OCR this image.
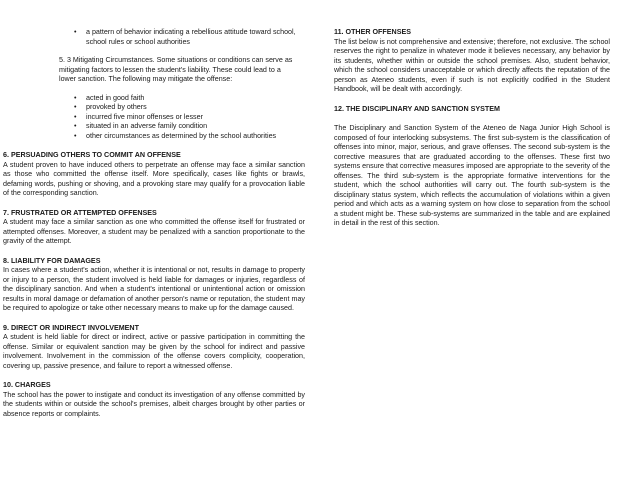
• a pattern of behavior indicating a rebellious attitude toward school, school rules or school authorities

5. 3 Mitigating Circumstances. Some situations or conditions can serve as mitigating factors to lessen the student's liability. These could lead to a lower sanction. The following may mitigate the offense:

• acted in good faith
• provoked by others
• incurred five minor offenses or lesser
• situated in an adverse family condition
• other circumstances as determined by the school authorities

6. PERSUADING OTHERS TO COMMIT AN OFFENSE

A student proven to have induced others to perpetrate an offense may face a similar sanction as those who committed the offense itself. More specifically, cases like fights or brawls, defaming words, pushing or shoving, and a provoking stare may qualify for a provocation liable of the corresponding sanction.

7. FRUSTRATED OR ATTEMPTED OFFENSES

A student may face a similar sanction as one who committed the offense itself for frustrated or attempted offenses. Moreover, a student may be penalized with a sanction proportionate to the gravity of the attempt.

8. LIABILITY FOR DAMAGES

In cases where a student's action, whether it is intentional or not, results in damage to property or injury to a person, the student involved is held liable for damages or injuries, regardless of the disciplinary sanction. And when a student's intentional or unintentional action or omission results in moral damage or defamation of another person's name or reputation, the student may be required to apologize or take other necessary means to make up for the damage caused.

9. DIRECT OR INDIRECT INVOLVEMENT

A student is held liable for direct or indirect, active or passive participation in committing the offense. Similar or equivalent sanction may be given by the school for indirect and passive involvement. Involvement in the commission of the offense covers complicity, cooperation, covering up, passive presence, and failure to report a witnessed offense.

10. CHARGES

The school has the power to instigate and conduct its investigation of any offense committed by the students within or outside the school's premises, albeit charges brought by other parties or absence reports or complaints.

11. OTHER OFFENSES

The list below is not comprehensive and extensive; therefore, not exclusive. The school reserves the right to penalize in whatever mode it believes necessary, any behavior by its students, whether within or outside the school premises. Also, student behavior, which the school considers unacceptable or which directly affects the reputation of the person as Ateneo students, even if such is not explicitly codified in the Student Handbook, will be dealt with accordingly.

12. THE DISCIPLINARY AND SANCTION SYSTEM

The Disciplinary and Sanction System of the Ateneo de Naga Junior High School is composed of four interlocking subsystems. The first sub-system is the classification of offenses into minor, major, serious, and grave offenses. The second sub-system is the corrective measures that are graduated according to the offenses. These first two systems ensure that corrective measures imposed are appropriate to the severity of the offenses. The third sub-system is the appropriate formative interventions for the student, which the school authorities will carry out. The fourth sub-system is the disciplinary status system, which reflects the accumulation of violations within a given period and which acts as a warning system on how close to separation from the school a student might be. These sub-systems are summarized in the table and are explained in detail in the rest of this section.
